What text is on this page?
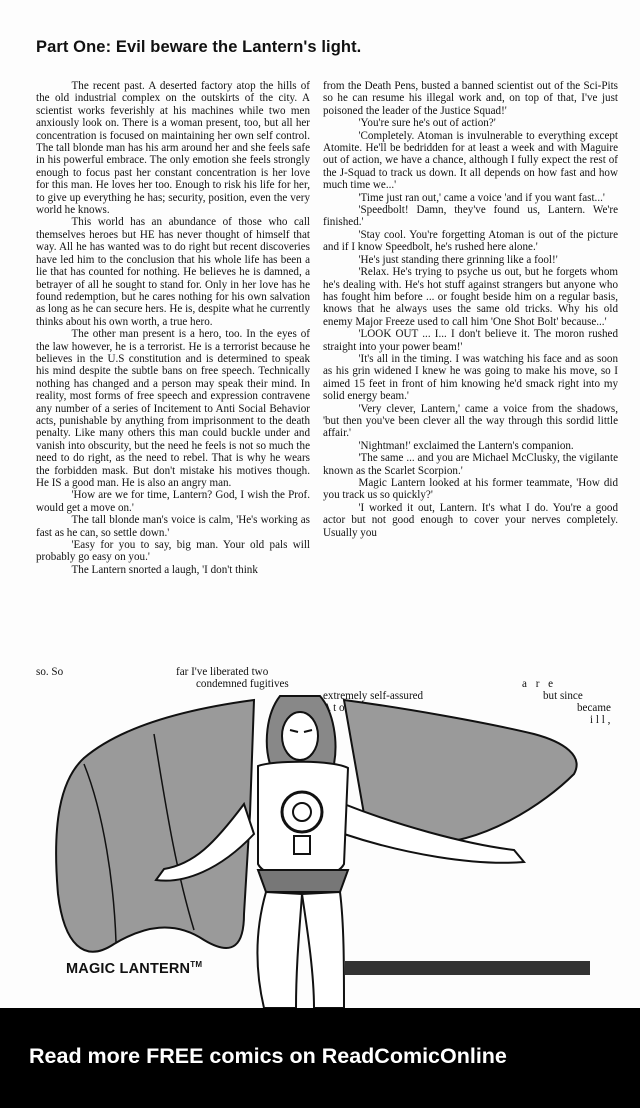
Part One: Evil beware the Lantern's light.

The recent past. A deserted factory atop the hills of the old industrial complex on the outskirts of the city. A scientist works feverishly at his machines while two men anxiously look on. There is a woman present, too, but all her concentration is focused on maintaining her own self control. The tall blonde man has his arm around her and she feels safe in his powerful embrace. The only emotion she feels strongly enough to focus past her constant concentration is her love for this man. He loves her too. Enough to risk his life for her, to give up everything he has; security, position, even the very world he knows.

This world has an abundance of those who call themselves heroes but HE has never thought of himself that way. All he has wanted was to do right but recent discoveries have led him to the conclusion that his whole life has been a lie that has counted for nothing. He believes he is damned, a betrayer of all he sought to stand for. Only in her love has he found redemption, but he cares nothing for his own salvation as long as he can secure hers. He is, despite what he currently thinks about his own worth, a true hero.

The other man present is a hero, too. In the eyes of the law however, he is a terrorist. He is a terrorist because he believes in the U.S constitution and is determined to speak his mind despite the subtle bans on free speech. Technically nothing has changed and a person may speak their mind. In reality, most forms of free speech and expression contravene any number of a series of Incitement to Anti Social Behavior acts, punishable by anything from imprisonment to the death penalty. Like many others this man could buckle under and vanish into obscurity, but the need he feels is not so much the need to do right, as the need to rebel. That is why he wears the forbidden mask. But don't mistake his motives though. He IS a good man. He is also an angry man.

'How are we for time, Lantern? God, I wish the Prof. would get a move on.'

The tall blonde man's voice is calm, 'He's working as fast as he can, so settle down.'

'Easy for you to say, big man. Your old pals will probably go easy on you.'

The Lantern snorted a laugh, 'I don't think

so. So	far I've liberated two
condemned fugitives

from the Death Pens, busted a banned scientist out of the Sci-Pits so he can resume his illegal work and, on top of that, I've just poisoned the leader of the Justice Squad!'

'You're sure he's out of action?'

'Completely. Atoman is invulnerable to everything except Atomite. He'll be bedridden for at least a week and with Maguire out of action, we have a chance, although I fully expect the rest of the J-Squad to track us down. It all depends on how fast and how much time we...'

'Time just ran out,' came a voice 'and if you want fast...'

'Speedbolt! Damn, they've found us, Lantern. We're finished.'

'Stay cool. You're forgetting Atoman is out of the picture and if I know Speedbolt, he's rushed here alone.'

'He's just standing there grinning like a fool!'

'Relax. He's trying to psyche us out, but he forgets whom he's dealing with. He's hot stuff against strangers but anyone who has fought him before ... or fought beside him on a regular basis, knows that he always uses the same old tricks. Why his old enemy Major Freeze used to call him 'One Shot Bolt' because...'

'LOOK OUT ... I... I don't believe it. The moron rushed straight into your power beam!'

'It's all in the timing. I was watching his face and as soon as his grin widened I knew he was going to make his move, so I aimed 15 feet in front of him knowing he'd smack right into my solid energy beam.'

'Very clever, Lantern,' came a voice from the shadows, 'but then you've been clever all the way through this sordid little affair.'

'Nightman!' exclaimed the Lantern's companion.

'The same ... and you are Michael McClusky, the vigilante known as the Scarlet Scorpion.'

Magic Lantern looked at his former teammate, 'How did you track us so quickly?'

'I worked it out, Lantern. It's what I do. You're a good actor but not good enough to cover your nerves completely. Usually you

a r e
extremely self-assured	but since
t o	became
i l l ,
MAGIC LANTERN™
Read more FREE comics on ReadComicOnline
